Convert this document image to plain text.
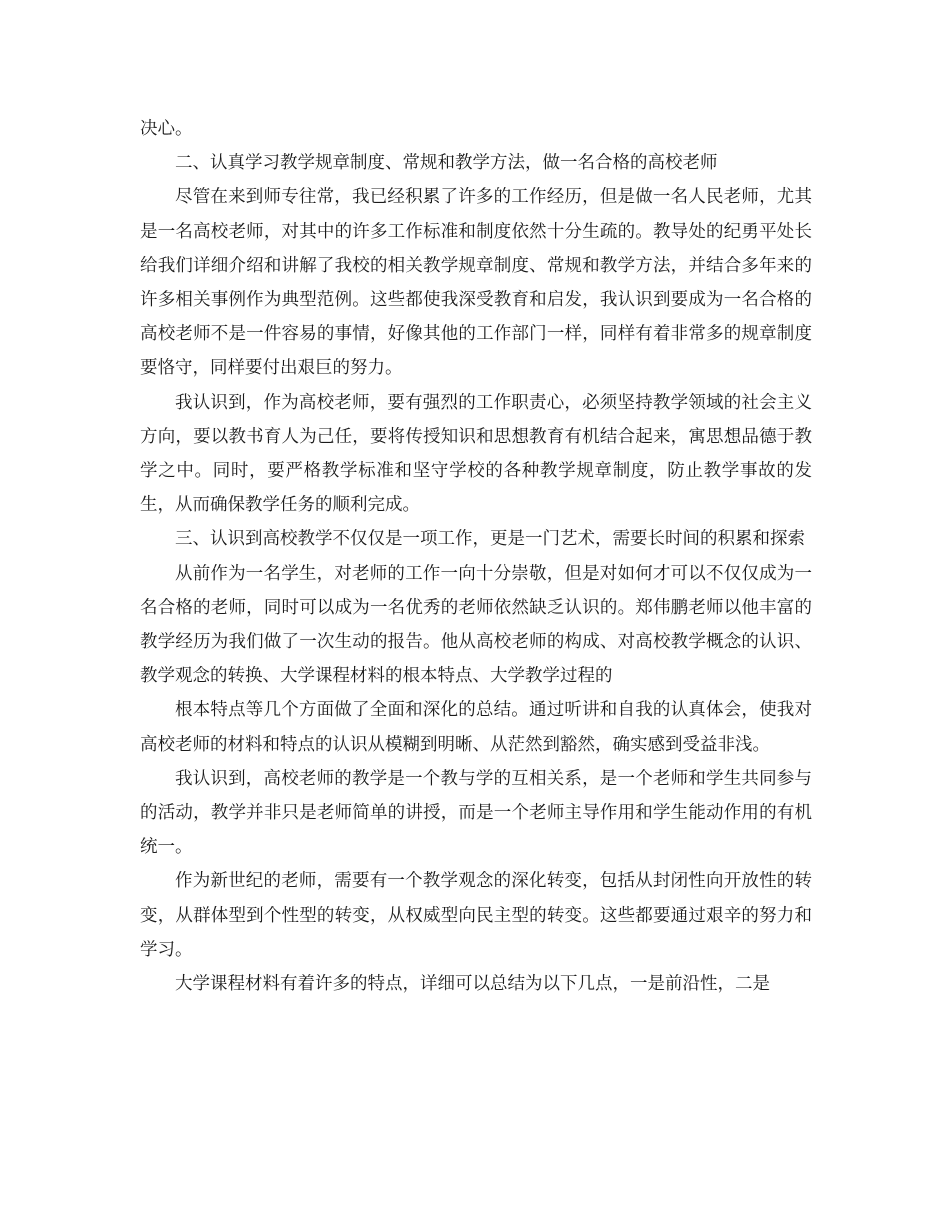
决心。

二、认真学习教学规章制度、常规和教学方法，做一名合格的高校老师

尽管在来到师专往常，我已经积累了许多的工作经历，但是做一名人民老师，尤其是一名高校老师，对其中的许多工作标准和制度依然十分生疏的。教导处的纪勇平处长给我们详细介绍和讲解了我校的相关教学规章制度、常规和教学方法，并结合多年来的许多相关事例作为典型范例。这些都使我深受教育和启发，我认识到要成为一名合格的高校老师不是一件容易的事情，好像其他的工作部门一样，同样有着非常多的规章制度要恪守，同样要付出艰巨的努力。

我认识到，作为高校老师，要有强烈的工作职责心，必须坚持教学领域的社会主义方向，要以教书育人为己任，要将传授知识和思想教育有机结合起来，寓思想品德于教学之中。同时，要严格教学标准和坚守学校的各种教学规章制度，防止教学事故的发生，从而确保教学任务的顺利完成。

三、认识到高校教学不仅仅是一项工作，更是一门艺术，需要长时间的积累和探索

从前作为一名学生，对老师的工作一向十分崇敬，但是对如何才可以不仅仅成为一名合格的老师，同时可以成为一名优秀的老师依然缺乏认识的。郑伟鹏老师以他丰富的教学经历为我们做了一次生动的报告。他从高校老师的构成、对高校教学概念的认识、教学观念的转换、大学课程材料的根本特点、大学教学过程的

根本特点等几个方面做了全面和深化的总结。通过听讲和自我的认真体会，使我对高校老师的材料和特点的认识从模糊到明晰、从茫然到豁然，确实感到受益非浅。

我认识到，高校老师的教学是一个教与学的互相关系，是一个老师和学生共同参与的活动，教学并非只是老师简单的讲授，而是一个老师主导作用和学生能动作用的有机统一。

作为新世纪的老师，需要有一个教学观念的深化转变，包括从封闭性向开放性的转变，从群体型到个性型的转变，从权威型向民主型的转变。这些都要通过艰辛的努力和学习。

大学课程材料有着许多的特点，详细可以总结为以下几点，一是前沿性，二是
